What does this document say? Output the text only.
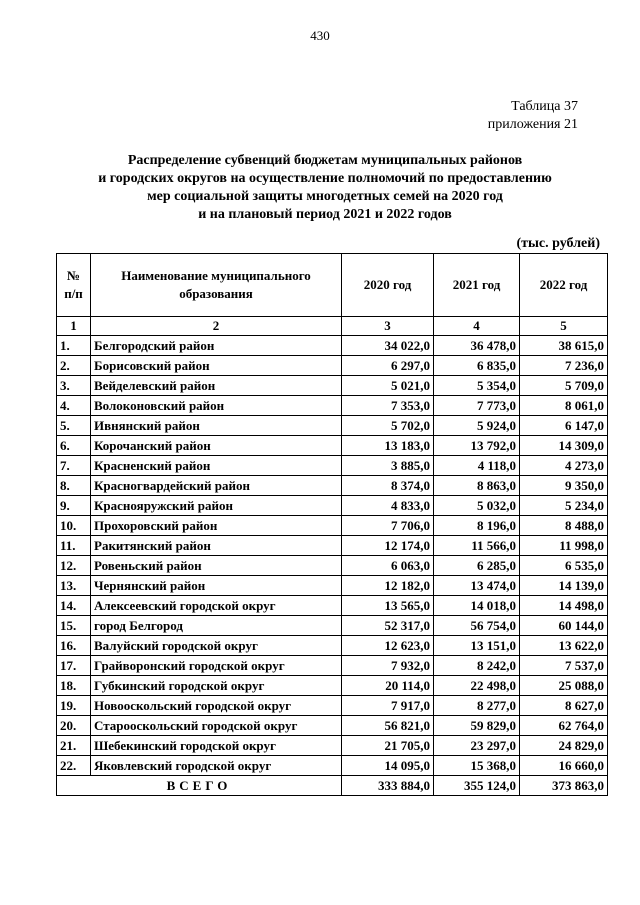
430
Таблица 37
приложения 21
Распределение субвенций бюджетам муниципальных районов
и городских округов на осуществление полномочий по предоставлению
мер социальной защиты многодетных семей на 2020 год
и на плановый период 2021 и 2022 годов
(тыс. рублей)
№ п/п	Наименование муниципального образования	2020 год	2021 год	2022 год
1	2	3	4	5
1.	Белгородский район	34 022,0	36 478,0	38 615,0
2.	Борисовский район	6 297,0	6 835,0	7 236,0
3.	Вейделевский район	5 021,0	5 354,0	5 709,0
4.	Волоконовский район	7 353,0	7 773,0	8 061,0
5.	Ивнянский район	5 702,0	5 924,0	6 147,0
6.	Корочанский район	13 183,0	13 792,0	14 309,0
7.	Красненский район	3 885,0	4 118,0	4 273,0
8.	Красногвардейский район	8 374,0	8 863,0	9 350,0
9.	Краснояружский район	4 833,0	5 032,0	5 234,0
10.	Прохоровский район	7 706,0	8 196,0	8 488,0
11.	Ракитянский район	12 174,0	11 566,0	11 998,0
12.	Ровеньский район	6 063,0	6 285,0	6 535,0
13.	Чернянский район	12 182,0	13 474,0	14 139,0
14.	Алексеевский городской округ	13 565,0	14 018,0	14 498,0
15.	город Белгород	52 317,0	56 754,0	60 144,0
16.	Валуйский городской округ	12 623,0	13 151,0	13 622,0
17.	Грайворонский городской округ	7 932,0	8 242,0	7 537,0
18.	Губкинский городской округ	20 114,0	22 498,0	25 088,0
19.	Новооскольский городской округ	7 917,0	8 277,0	8 627,0
20.	Старооскольский городской округ	56 821,0	59 829,0	62 764,0
21.	Шебекинский городской округ	21 705,0	23 297,0	24 829,0
22.	Яковлевский городской округ	14 095,0	15 368,0	16 660,0
ВСЕГО		333 884,0	355 124,0	373 863,0
